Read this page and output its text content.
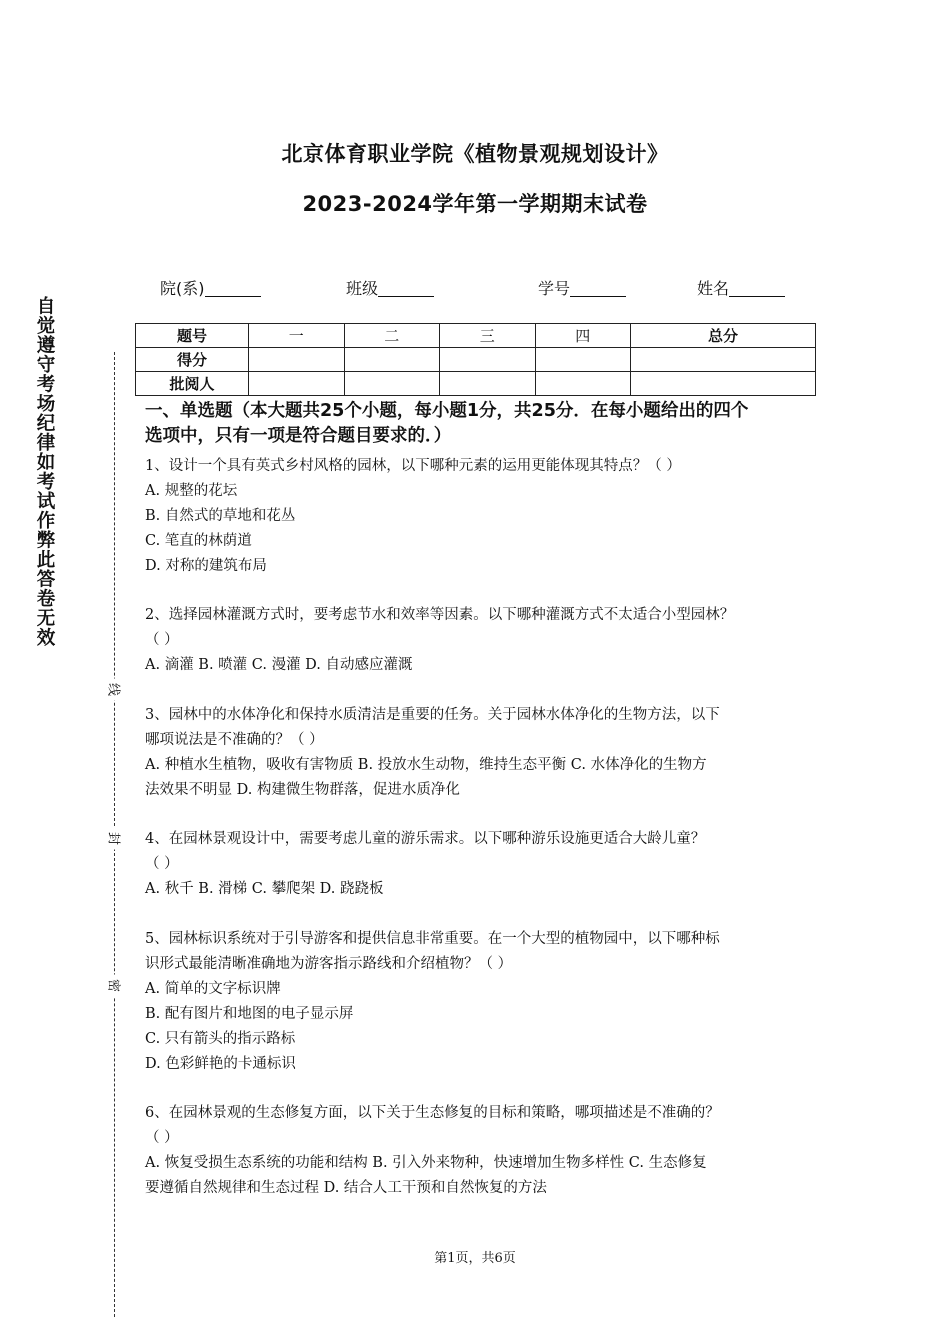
北京体育职业学院《植物景观规划设计》
2023-2024学年第一学期期末试卷
院(系)	班级	学号	姓名
题号	一	二	三	四	总分
得分					
批阅人					
自觉遵守考场纪律如考试作弊此答卷无效
线
封
密
一、单选题（本大题共25个小题，每小题1分，共25分．在每小题给出的四个
选项中，只有一项是符合题目要求的．）
1、设计一个具有英式乡村风格的园林，以下哪种元素的运用更能体现其特点？（ ）
A. 规整的花坛
B. 自然式的草地和花丛
C. 笔直的林荫道
D. 对称的建筑布局
2、选择园林灌溉方式时，要考虑节水和效率等因素。以下哪种灌溉方式不太适合小型园林？
（ ）
A. 滴灌 B. 喷灌 C. 漫灌 D. 自动感应灌溉
3、园林中的水体净化和保持水质清洁是重要的任务。关于园林水体净化的生物方法，以下
哪项说法是不准确的？（ ）
A. 种植水生植物，吸收有害物质 B. 投放水生动物，维持生态平衡 C. 水体净化的生物方
法效果不明显 D. 构建微生物群落，促进水质净化
4、在园林景观设计中，需要考虑儿童的游乐需求。以下哪种游乐设施更适合大龄儿童？
（ ）
A. 秋千 B. 滑梯 C. 攀爬架 D. 跷跷板
5、园林标识系统对于引导游客和提供信息非常重要。在一个大型的植物园中，以下哪种标
识形式最能清晰准确地为游客指示路线和介绍植物？（ ）
A. 简单的文字标识牌
B. 配有图片和地图的电子显示屏
C. 只有箭头的指示路标
D. 色彩鲜艳的卡通标识
6、在园林景观的生态修复方面，以下关于生态修复的目标和策略，哪项描述是不准确的？
（ ）
A. 恢复受损生态系统的功能和结构 B. 引入外来物种，快速增加生物多样性 C. 生态修复
要遵循自然规律和生态过程 D. 结合人工干预和自然恢复的方法
第1页，共6页
